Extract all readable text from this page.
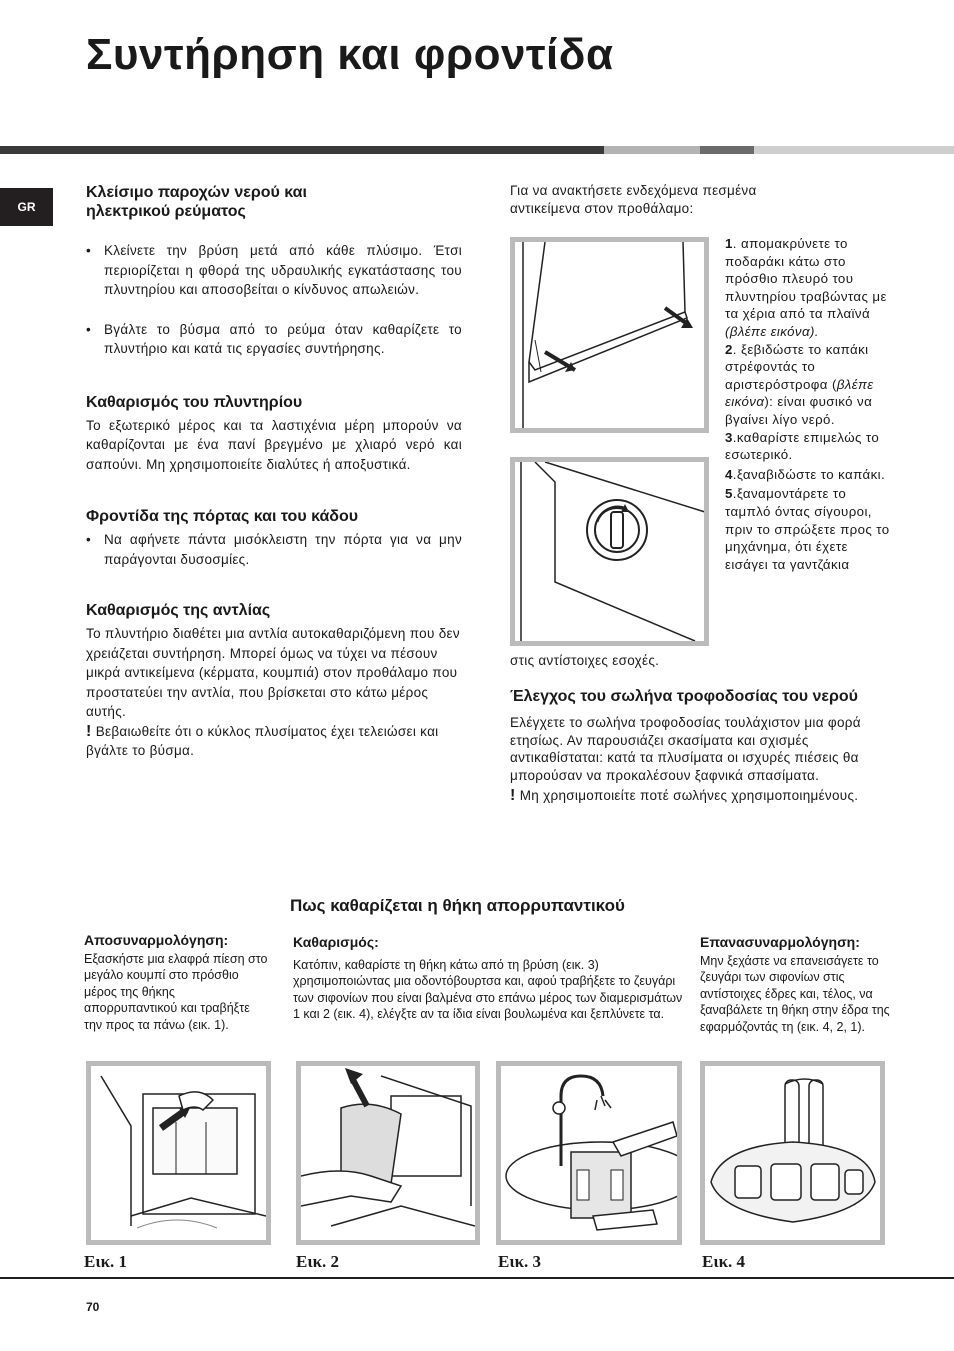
Συντήρηση και φροντίδα
GR
Κλείσιμο παροχών νερού και ηλεκτρικού ρεύματος
• Κλείνετε την βρύση μετά από κάθε πλύσιμο. Έτσι περιορίζεται η φθορά της υδραυλικής εγκατάστασης του πλυντηρίου και αποσοβείται ο κίνδυνος απωλειών.
• Βγάλτε το βύσμα από το ρεύμα όταν καθαρίζετε το πλυντήριο και κατά τις εργασίες συντήρησης.
Καθαρισμός του πλυντηρίου
Το εξωτερικό μέρος και τα λαστιχένια μέρη μπορούν να καθαρίζονται με ένα πανί βρεγμένο με χλιαρό νερό και σαπούνι. Μη χρησιμοποιείτε διαλύτες ή αποξυστικά.
Φροντίδα της πόρτας και του κάδου
• Να αφήνετε πάντα μισόκλειστη την πόρτα για να μην παράγονται δυσοσμίες.
Καθαρισμός της αντλίας
Το πλυντήριο διαθέτει μια αντλία αυτοκαθαριζόμενη που δεν χρειάζεται συντήρηση. Μπορεί όμως να τύχει να πέσουν μικρά αντικείμενα (κέρματα, κουμπιά) στον προθάλαμο που προστατεύει την αντλία, που βρίσκεται στο κάτω μέρος αυτής.
! Βεβαιωθείτε ότι ο κύκλος πλυσίματος έχει τελειώσει και βγάλτε το βύσμα.
Για να ανακτήσετε ενδεχόμενα πεσμένα αντικείμενα στον προθάλαμο:
1. απομακρύνετε το ποδαράκι κάτω στο πρόσθιο πλευρό του πλυντηρίου τραβώντας με τα χέρια από τα πλαϊνά (βλέπε εικόνα).
2. ξεβιδώστε το καπάκι στρέφοντάς το αριστερόστροφα (βλέπε εικόνα): είναι φυσικό να βγαίνει λίγο νερό.
3.καθαρίστε επιμελώς το εσωτερικό.
4.ξαναβιδώστε το καπάκι.
5.ξαναμοντάρετε το ταμπλό όντας σίγουροι, πριν το σπρώξετε προς το μηχάνημα, ότι έχετε εισάγει τα γαντζάκια
στις αντίστοιχες εσοχές.
Έλεγχος του σωλήνα τροφοδοσίας του νερού
Ελέγχετε το σωλήνα τροφοδοσίας τουλάχιστον μια φορά ετησίως. Αν παρουσιάζει σκασίματα και σχισμές αντικαθίσταται: κατά τα πλυσίματα οι ισχυρές πιέσεις θα μπορούσαν να προκαλέσουν ξαφνικά σπασίματα.
! Μη χρησιμοποιείτε ποτέ σωλήνες χρησιμοποιημένους.
Πως καθαρίζεται η θήκη απορρυπαντικού
Αποσυναρμολόγηση:
Εξασκήστε μια ελαφρά πίεση στο μεγάλο κουμπί στο πρόσθιο μέρος της θήκης απορρυπαντικού και τραβήξτε την προς τα πάνω (εικ. 1).
Καθαρισμός:
Κατόπιν, καθαρίστε τη θήκη κάτω από τη βρύση (εικ. 3) χρησιμοποιώντας μια οδοντόβουρτσα και, αφού τραβήξετε το ζευγάρι των σιφονίων που είναι βαλμένα στο επάνω μέρος των διαμερισμάτων 1 και 2 (εικ. 4), ελέγξτε αν τα ίδια είναι βουλωμένα και ξεπλύνετε τα.
Επανασυναρμολόγηση:
Μην ξεχάστε να επανεισάγετε το ζευγάρι των σιφονίων στις αντίστοιχες έδρες και, τέλος, να ξαναβάλετε τη θήκη στην έδρα της εφαρμόζοντάς τη (εικ. 4, 2, 1).
Εικ. 1	Εικ. 2	Εικ. 3	Εικ. 4
70
